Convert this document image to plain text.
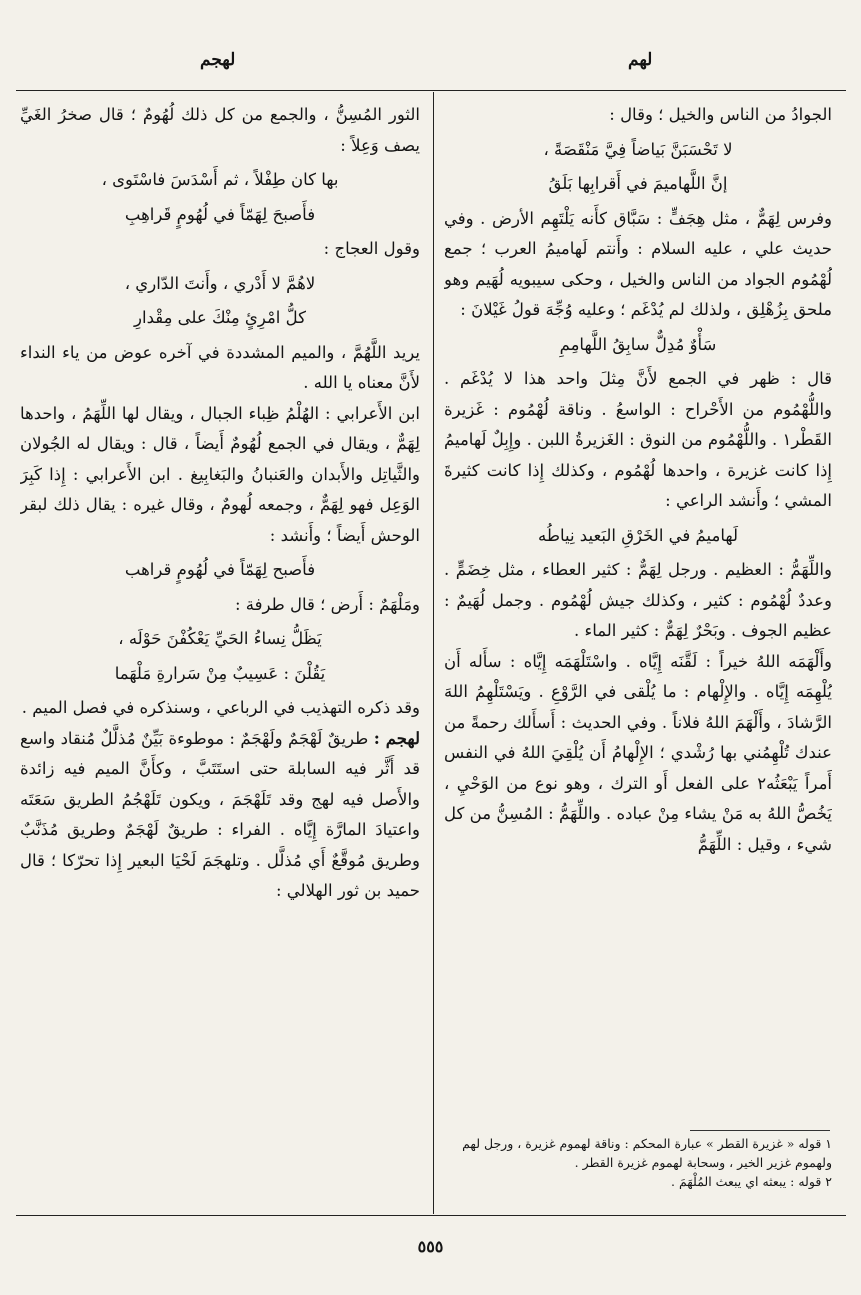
لهم
لهجم

الجوادُ من الناس والخيل ؛ وقال :

لا تَحْسَبَنَّ بَياضاً فِيَّ مَنْقَصَةً ،

إنَّ اللَّهاميمَ في أَقرابِها بَلَقُ

وفرس لِهَمٌّ ، مثل هِجَفٍّ : سَبَّاق كأَنه يَلْتَهِم الأرض . وفي حديث علي ، عليه السلام : وأَنتم لَهاميمُ العرب ؛ جمع لُهْمُوم الجواد من الناس والخيل ، وحكى سيبويه لُهَيم وهو ملحق بِزُهْلِق ، ولذلك لم يُدْغَم ؛ وعليه وُجِّهَ قولُ غَيْلانَ :

سَأْوٌ مُدِلٌّ سابِقُ اللَّهامِمِ

قال : ظهر في الجمع لأَنَّ مِثلَ واحد هذا لا يُدْغَم . واللُّهْمُوم من الأَحْراح : الواسعُ . وناقة لُهْمُوم : غَزيرة القَطْر١ . واللُّهْمُوم من النوق : الغَزيرةُ اللبن . وإِبِلٌ لَهاميمُ إِذا كانت غزيرة ، واحدها لُهْمُوم ، وكذلك إِذا كانت كثيرةَ المشي ؛ وأَنشد الراعي :

لَهاميمُ في الخَرْقِ البَعيد نِياطُه

واللِّهَمُّ : العظيم . ورجل لِهَمٌّ : كثير العطاء ، مثل خِضَمٍّ . وعددٌ لُهْمُوم : كثير ، وكذلك جيش لُهْمُوم . وجمل لُهَيمٌ : عظيم الجوف . وبَحْرٌ لِهَمٌّ : كثير الماء .

وأَلْهَمَه اللهُ خيراً : لَقَّنَه إِيَّاه . واسْتَلْهَمَه إِيَّاه : سأَله أَن يُلْهِمَه إِيَّاه . والإِلْهام : ما يُلْقى في الرَّوْعِ . ويَسْتَلْهِمُ اللهَ الرَّشادَ ، وأَلْهَمَ اللهُ فلاناً . وفي الحديث : أَسأَلك رحمةً من عندك تُلْهِمُني بها رُشْدي ؛ الإِلْهامُ أَن يُلْقِيَ اللهُ في النفس أَمراً يَبْعَثُه٢ على الفعل أَو الترك ، وهو نوع من الوَحْيِ ، يَخُصُّ اللهُ به مَنْ يشاء مِنْ عباده . واللِّهَمُّ : المُسِنُّ من كل شيء ، وقيل : اللِّهَمُّ

الثور المُسِنُّ ، والجمع من كل ذلك لُهُومٌ ؛ قال صخرُ الغَيِّ يصف وَعِلاً :

بها كان طِفْلاً ، ثم أَسْدَسَ فاسْتَوى ،

فأَصبحَ لِهَمّاً في لُهُومٍ قَراهِبِ

وقول العجاج :

لاهُمَّ لا أَدْري ، وأَنتَ الدّاري ،

كلُّ امْرِئٍ مِنْكَ على مِقْدارِ

يريد اللَّهُمَّ ، والميم المشددة في آخره عوض من ياء النداء لأَنَّ معناه يا الله .

ابن الأَعرابي : الهُلْمُ ظِباء الجبال ، ويقال لها اللِّهَمُ ، واحدها لِهَمٌّ ، ويقال في الجمع لُهُومٌ أَيضاً ، قال : ويقال له الجُولان والثَّياتِل والأَبدان والعَنبانُ والبَغابِيغ . ابن الأَعرابي : إِذا كَبِرَ الوَعِل فهو لِهَمٌّ ، وجمعه لُهومٌ ، وقال غيره : يقال ذلك لبقر الوحش أَيضاً ؛ وأَنشد :

فأَصبح لِهَمّاً في لُهُومٍ قراهب

ومَلْهَمٌ : أَرض ؛ قال طرفة :

يَظَلُّ نِساءُ الحَيِّ يَعْكُفْنَ حَوْلَه ،

يَقُلْنَ : عَسِيبٌ مِنْ سَرارةِ مَلْهَما

وقد ذكره التهذيب في الرباعي ، وسنذكره في فصل الميم .

لهجم : طريقٌ لَهْجَمٌ ولَهْجَمٌ : موطوءة بَيِّنٌ مُذلَّلٌ مُنقاد واسع قد أَثَّر فيه السابلة حتى استَتَبَّ ، وكأَنَّ الميم فيه زائدة والأَصل فيه لهج وقد تَلَهْجَمَ ، ويكون تَلَهْجُمُ الطريق سَعَتَه واعتيادَ المارَّة إِيَّاه . الفراء : طريقٌ لَهْجَمٌ وطريق مُذَنَّبٌ وطريق مُوقَّعٌ أَي مُذلَّل . وتلهجَمَ لَحْيَا البعير إِذا تحرّكا ؛ قال حميد بن ثور الهلالي :

١ قوله « غزيرة القطر » عبارة المحكم : وناقة لهموم غزيرة ، ورجل لهم ولهموم غزير الخير ، وسحابة لهموم غزيرة القطر .

٢ قوله : يبعثه اي يبعث المُلْهَمَ .

٥٥٥
